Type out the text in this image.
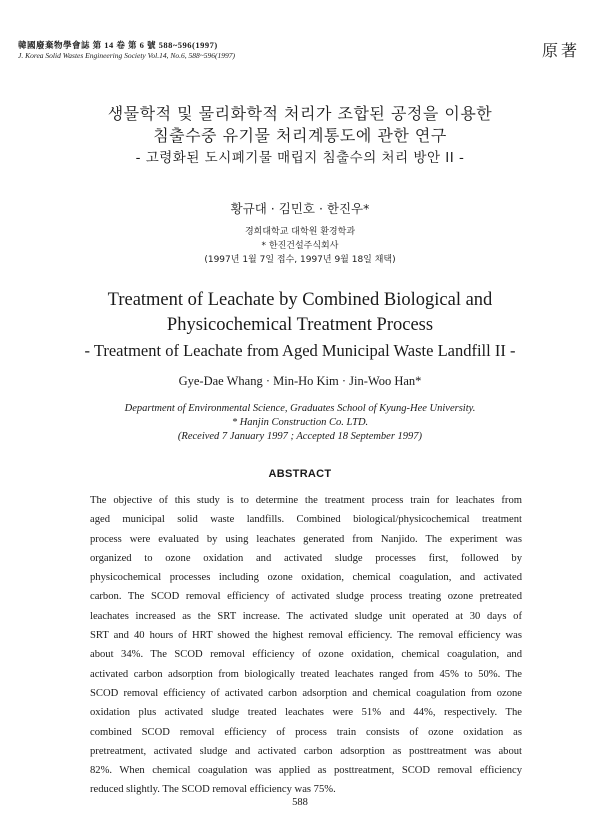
韓國廢棄物學會誌 第 14 卷 第 6 號 588~596(1997)
J. Korea Solid Wastes Engineering Society Vol.14, No.6, 588~596(1997)	原著
생물학적 및 물리화학적 처리가 조합된 공정을 이용한
침출수중 유기물 처리계통도에 관한 연구
- 고령화된 도시폐기물 매립지 침출수의 처리 방안 II -
황규대 · 김민호 · 한진우*
경희대학교 대학원 환경학과
* 한진건설주식회사
(1997년 1월 7일 접수, 1997년 9월 18일 채택)
Treatment of Leachate by Combined Biological and
Physicochemical Treatment Process
- Treatment of Leachate from Aged Municipal Waste Landfill II -
Gye-Dae Whang · Min-Ho Kim · Jin-Woo Han*
Department of Environmental Science, Graduates School of Kyung-Hee University.
* Hanjin Construction Co. LTD.
(Received 7 January 1997 ; Accepted 18 September 1997)
ABSTRACT
The objective of this study is to determine the treatment process train for leachates from
aged municipal solid waste landfills. Combined biological/physicochemical treatment
process were evaluated by using leachates generated from Nanjido. The experiment was
organized to ozone oxidation and activated sludge processes first, followed by
physicochemical processes including ozone oxidation, chemical coagulation, and activated
carbon. The SCOD removal efficiency of activated sludge process treating ozone pretreated
leachates increased as the SRT increase. The activated sludge unit operated at 30 days of
SRT and 40 hours of HRT showed the highest removal efficiency. The removal efficiency was
about 34%. The SCOD removal efficiency of ozone oxidation, chemical coagulation, and
activated carbon adsorption from biologically treated leachates ranged from 45% to 50%. The
SCOD removal efficiency of activated carbon adsorption and chemical coagulation from ozone
oxidation plus activated sludge treated leachates were 51% and 44%, respectively. The
combined SCOD removal efficiency of process train consists of ozone oxidation as
pretreatment, activated sludge and activated carbon adsorption as posttreatment was about
82%. When chemical coagulation was applied as posttreatment, SCOD removal efficiency
reduced slightly. The SCOD removal efficiency was 75%.
588
